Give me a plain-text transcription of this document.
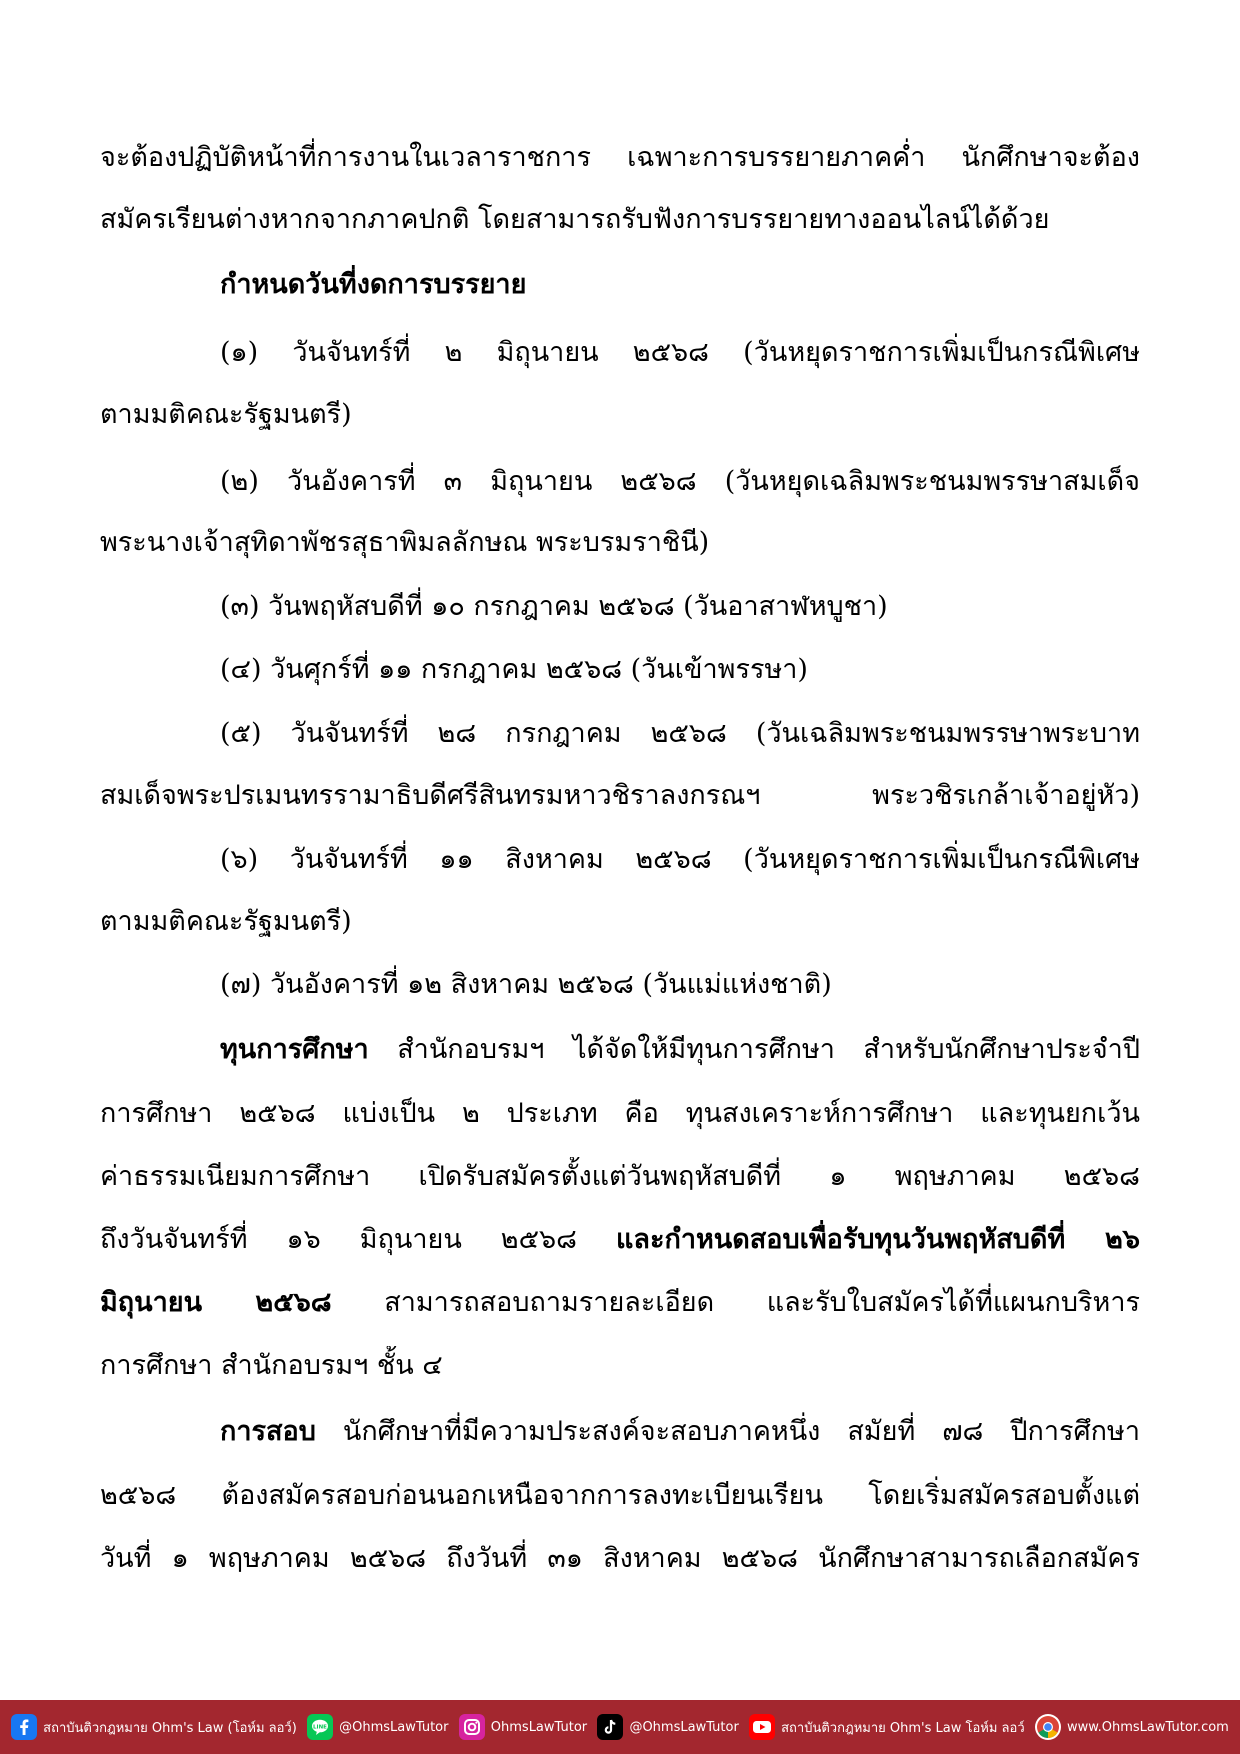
จะต้องปฏิบัติหน้าที่การงานในเวลาราชการ เฉพาะการบรรยายภาคค่ำ นักศึกษาจะต้อง
สมัครเรียนต่างหากจากภาคปกติ โดยสามารถรับฟังการบรรยายทางออนไลน์ได้ด้วย
กำหนดวันที่งดการบรรยาย
(๑) วันจันทร์ที่ ๒ มิถุนายน ๒๕๖๘ (วันหยุดราชการเพิ่มเป็นกรณีพิเศษ
ตามมติคณะรัฐมนตรี)
(๒) วันอังคารที่ ๓ มิถุนายน ๒๕๖๘ (วันหยุดเฉลิมพระชนมพรรษาสมเด็จ
พระนางเจ้าสุทิดาพัชรสุธาพิมลลักษณ พระบรมราชินี)
(๓) วันพฤหัสบดีที่ ๑๐ กรกฎาคม ๒๕๖๘ (วันอาสาฬหบูชา)
(๔) วันศุกร์ที่ ๑๑ กรกฎาคม ๒๕๖๘ (วันเข้าพรรษา)
(๕) วันจันทร์ที่ ๒๘ กรกฎาคม ๒๕๖๘ (วันเฉลิมพระชนมพรรษาพระบาท
สมเด็จพระปรเมนทรรามาธิบดีศรีสินทรมหาวชิราลงกรณฯ พระวชิรเกล้าเจ้าอยู่หัว)
(๖) วันจันทร์ที่ ๑๑ สิงหาคม ๒๕๖๘ (วันหยุดราชการเพิ่มเป็นกรณีพิเศษ
ตามมติคณะรัฐมนตรี)
(๗) วันอังคารที่ ๑๒ สิงหาคม ๒๕๖๘ (วันแม่แห่งชาติ)
ทุนการศึกษา สำนักอบรมฯ ได้จัดให้มีทุนการศึกษา สำหรับนักศึกษาประจำปี
การศึกษา ๒๕๖๘ แบ่งเป็น ๒ ประเภท คือ ทุนสงเคราะห์การศึกษา และทุนยกเว้น
ค่าธรรมเนียมการศึกษา เปิดรับสมัครตั้งแต่วันพฤหัสบดีที่ ๑ พฤษภาคม ๒๕๖๘
ถึงวันจันทร์ที่ ๑๖ มิถุนายน ๒๕๖๘ และกำหนดสอบเพื่อรับทุนวันพฤหัสบดีที่ ๒๖
มิถุนายน ๒๕๖๘ สามารถสอบถามรายละเอียด และรับใบสมัครได้ที่แผนกบริหาร
การศึกษา สำนักอบรมฯ ชั้น ๔
การสอบ นักศึกษาที่มีความประสงค์จะสอบภาคหนึ่ง สมัยที่ ๗๘ ปีการศึกษา
๒๕๖๘ ต้องสมัครสอบก่อนนอกเหนือจากการลงทะเบียนเรียน โดยเริ่มสมัครสอบตั้งแต่
วันที่ ๑ พฤษภาคม ๒๕๖๘ ถึงวันที่ ๓๑ สิงหาคม ๒๕๖๘ นักศึกษาสามารถเลือกสมัคร
สถาบันติวกฎหมาย Ohm's Law (โอห์ม ลอว์)	LINE @OhmsLawTutor	OhmsLawTutor	@OhmsLawTutor	สถาบันติวกฎหมาย Ohm's Law โอห์ม ลอว์	www.OhmsLawTutor.com
